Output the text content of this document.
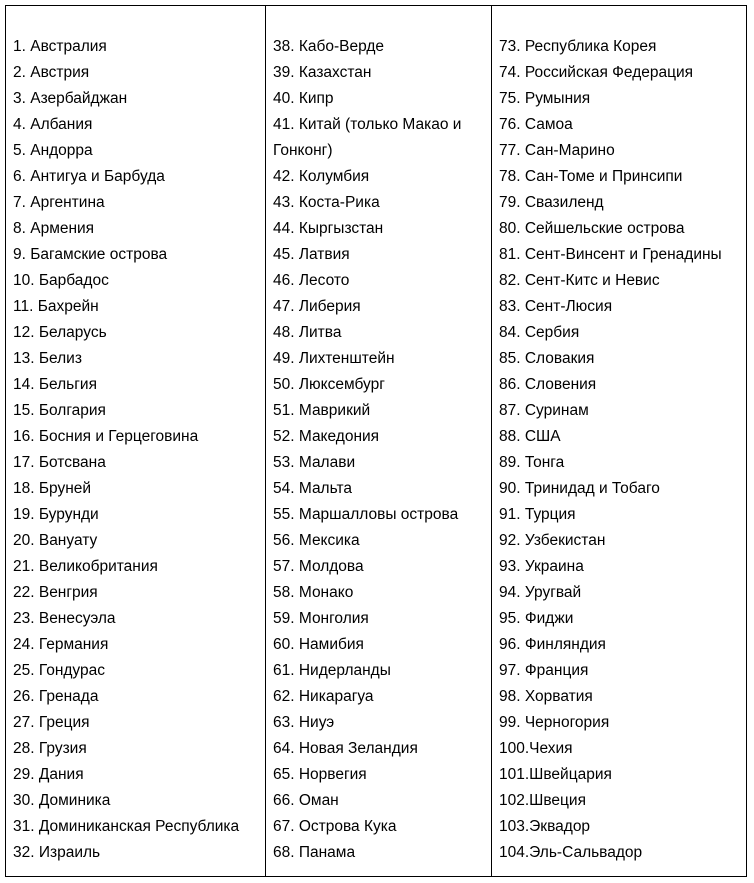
1. Австралия
2. Австрия
3. Азербайджан
4. Албания
5. Андорра
6. Антигуа и Барбуда
7. Аргентина
8. Армения
9. Багамские острова
10. Барбадос
11. Бахрейн
12. Беларусь
13. Белиз
14. Бельгия
15. Болгария
16. Босния и Герцеговина
17. Ботсвана
18. Бруней
19. Бурунди
20. Вануату
21. Великобритания
22. Венгрия
23. Венесуэла
24. Германия
25. Гондурас
26. Гренада
27. Греция
28. Грузия
29. Дания
30. Доминика
31. Доминиканская Республика
32. Израиль
38. Кабо-Верде
39. Казахстан
40. Кипр
41. Китай (только Макао и Гонконг)
42. Колумбия
43. Коста-Рика
44. Кыргызстан
45. Латвия
46. Лесото
47. Либерия
48. Литва
49. Лихтенштейн
50. Люксембург
51. Маврикий
52. Македония
53. Малави
54. Мальта
55. Маршалловы острова
56. Мексика
57. Молдова
58. Монако
59. Монголия
60. Намибия
61. Нидерланды
62. Никарагуа
63. Ниуэ
64. Новая Зеландия
65. Норвегия
66. Оман
67. Острова Кука
68. Панама
73. Республика Корея
74. Российская Федерация
75. Румыния
76. Самоа
77. Сан-Марино
78. Сан-Томе и Принсипи
79. Свазиленд
80. Сейшельские острова
81. Сент-Винсент и Гренадины
82. Сент-Китс и Невис
83. Сент-Люсия
84. Сербия
85. Словакия
86. Словения
87. Суринам
88. США
89. Тонга
90. Тринидад и Тобаго
91. Турция
92. Узбекистан
93. Украина
94. Уругвай
95. Фиджи
96. Финляндия
97. Франция
98. Хорватия
99. Черногория
100.Чехия
101.Швейцария
102.Швеция
103.Эквадор
104.Эль-Сальвадор
